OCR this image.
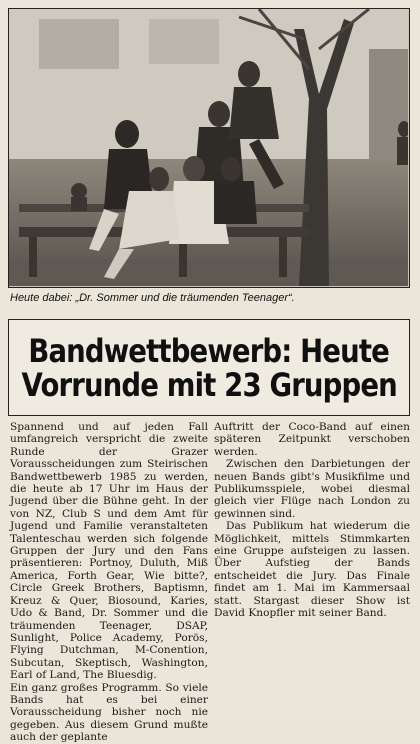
Heute dabei: „Dr. Sommer und die träumenden Teenager“.
Bandwettbewerb: Heute
Vorrunde mit 23 Gruppen

Spannend und auf jeden Fall umfangreich verspricht die zweite Runde der Grazer Vorausscheidungen zum Steirischen Bandwettbewerb 1985 zu werden, die heute ab 17 Uhr im Haus der Jugend über die Bühne geht. In der von NZ, Club S und dem Amt für Jugend und Familie veranstalteten Talenteschau werden sich folgende Gruppen der Jury und den Fans präsentieren: Portnoy, Duluth, Miß America, Forth Gear, Wie bitte?, Circle Greek Brothers, Baptismn, Kreuz & Quer, Biosound, Karies, Udo & Band, Dr. Sommer und die träumenden Teenager, DSAP, Sunlight, Police Academy, Porös, Flying Dutchman, M-Conention, Subcutan, Skeptisch, Washington, Earl of Land, The Bluesdig.

Ein ganz großes Programm. So viele Bands hat es bei einer Vorausscheidung bisher noch nie gegeben. Aus diesem Grund mußte auch der geplante

Auftritt der Coco-Band auf einen späteren Zeitpunkt verschoben werden.

Zwischen den Darbietungen der neuen Bands gibt's Musikfilme und Publikumsspiele, wobei diesmal gleich vier Flüge nach London zu gewinnen sind.

Das Publikum hat wiederum die Möglichkeit, mittels Stimmkarten eine Gruppe aufsteigen zu lassen. Über Aufstieg der Bands entscheidet die Jury. Das Finale findet am 1. Mai im Kammersaal statt. Stargast dieser Show ist David Knopfler mit seiner Band.
